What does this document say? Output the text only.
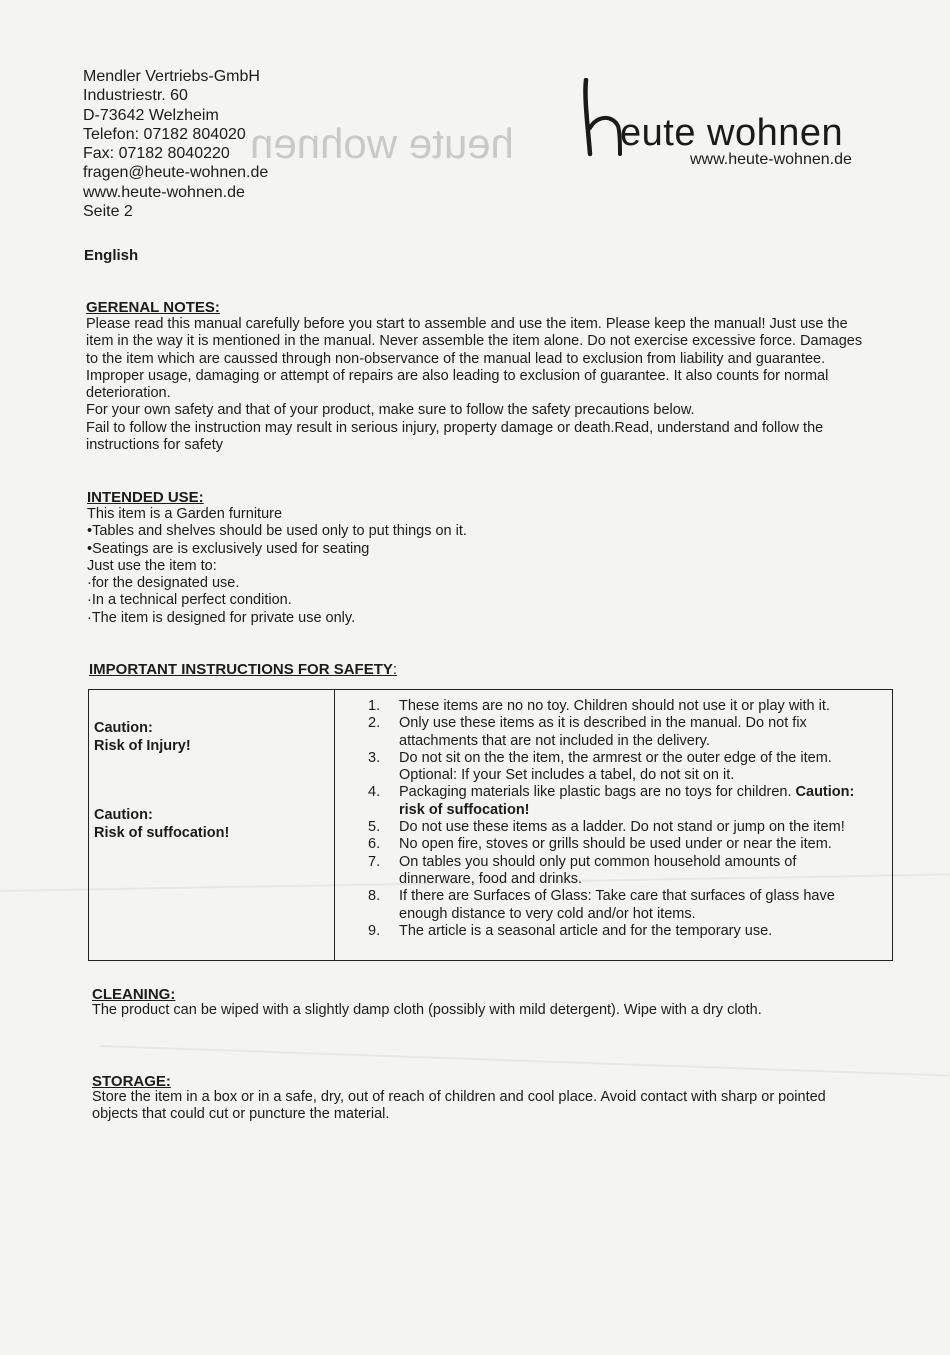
heute wohnen
Mendler Vertriebs-GmbH
Industriestr. 60
D-73642 Welzheim
Telefon: 07182 804020
Fax: 07182 8040220
fragen@heute-wohnen.de
www.heute-wohnen.de
Seite 2
eute wohnen
www.heute-wohnen.de
English
GERENAL NOTES:
Please read this manual carefully before you start to assemble and use the item. Please keep the manual! Just use the
item in the way it is mentioned in the manual. Never assemble the item alone. Do not exercise excessive force. Damages
to the item which are caussed through non-observance of the manual lead to exclusion from liability and guarantee.
Improper usage, damaging or attempt of repairs are also leading to exclusion of guarantee. It also counts for normal
deterioration.
For your own safety and that of your product, make sure to follow the safety precautions below.
Fail to follow the instruction may result in serious injury, property damage or death.Read, understand and follow the
instructions for safety
INTENDED USE:
This item is a Garden furniture
•Tables and shelves should be used only to put things on it.
•Seatings are is exclusively used for seating
Just use the item to:
·for the designated use.
·In a technical perfect condition.
·The item is designed for private use only.
IMPORTANT INSTRUCTIONS FOR SAFETY:
Caution:
Risk of Injury!
Caution:
Risk of suffocation!

1. These items are no no toy. Children should not use it or play with it.
2. Only use these items as it is described in the manual. Do not fix attachments that are not included in the delivery.
3. Do not sit on the the item, the armrest or the outer edge of the item. Optional: If your Set includes a tabel, do not sit on it.
4. Packaging materials like plastic bags are no toys for children. Caution: risk of suffocation!
5. Do not use these items as a ladder. Do not stand or jump on the item!
6. No open fire, stoves or grills should be used under or near the item.
7. On tables you should only put common household amounts of dinnerware, food and drinks.
8. If there are Surfaces of Glass: Take care that surfaces of glass have enough distance to very cold and/or hot items.
9. The article is a seasonal article and for the temporary use.
CLEANING:
The product can be wiped with a slightly damp cloth (possibly with mild detergent). Wipe with a dry cloth.
STORAGE:
Store the item in a box or in a safe, dry, out of reach of children and cool place. Avoid contact with sharp or pointed
objects that could cut or puncture the material.
